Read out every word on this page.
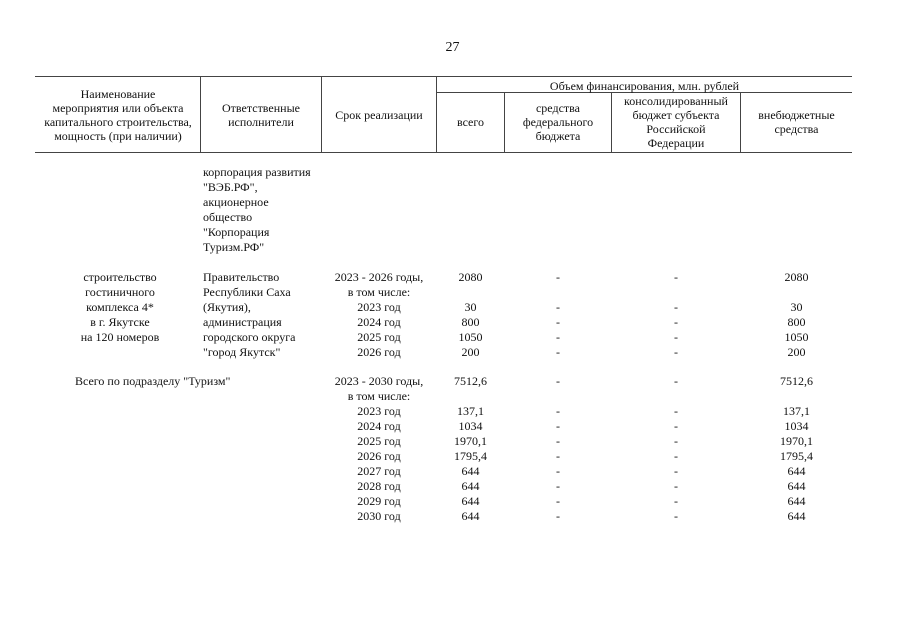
27
Наименование
мероприятия или объекта
капитального строительства,
мощность (при наличии)
Ответственные
исполнители	Срок реализации
Объем финансирования, млн. рублей
всего
средства
федерального
бюджета
консолидированный
бюджет субъекта
Российской
Федерации
внебюджетные
средства
корпорация развития
"ВЭБ.РФ",
акционерное
общество
"Корпорация
Туризм.РФ"
строительство
гостиничного
комплекса 4*
в г. Якутске
на 120 номеров
Правительство
Республики Саха
(Якутия),
администрация
городского округа
"город Якутск"
2023 - 2026 годы,
в том числе:
2023 год
2024 год
2025 год
2026 год
2080
30
800
1050
200
-
-
-
-
-
-
-
-
-
-
2080
30
800
1050
200
Всего по подразделу "Туризм"	2023 - 2030 годы,
в том числе:
2023 год
2024 год
2025 год
2026 год
2027 год
2028 год
2029 год
2030 год
7512,6
137,1
1034
1970,1
1795,4
644
644
644
644
-
-
-
-
-
-
-
-
-
-
-
-
-
-
-
-
-
-
7512,6
137,1
1034
1970,1
1795,4
644
644
644
644
